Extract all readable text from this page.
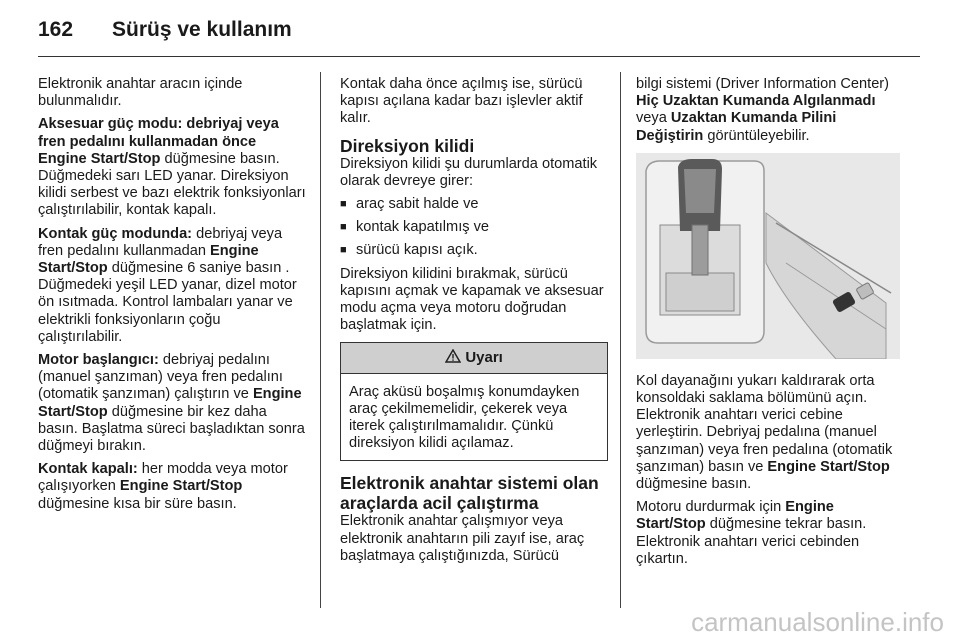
162 Sürüş ve kullanım

Elektronik anahtar aracın içinde bulunmalıdır.

Aksesuar güç modu: debriyaj veya fren pedalını kullanmadan önce Engine Start/Stop düğmesine basın. Düğmedeki sarı LED yanar. Direksiyon kilidi serbest ve bazı elektrik fonksiyonları çalıştırılabilir, kontak kapalı.

Kontak güç modunda: debriyaj veya fren pedalını kullanmadan Engine Start/Stop düğmesine 6 saniye basın . Düğmedeki yeşil LED yanar, dizel motor ön ısıtmada. Kontrol lambaları yanar ve elektrikli fonksiyonların çoğu çalıştırılabilir.

Motor başlangıcı: debriyaj pedalını (manuel şanzıman) veya fren pedalını (otomatik şanzıman) çalıştırın ve Engine Start/Stop düğmesine bir kez daha basın. Başlatma süreci başladıktan sonra düğmeyi bırakın.

Kontak kapalı: her modda veya motor çalışıyorken Engine Start/Stop düğmesine kısa bir süre basın.

Kontak daha önce açılmış ise, sürücü kapısı açılana kadar bazı işlevler aktif kalır.

Direksiyon kilidi

Direksiyon kilidi şu durumlarda otomatik olarak devreye girer:

■ araç sabit halde ve
■ kontak kapatılmış ve
■ sürücü kapısı açık.

Direksiyon kilidini bırakmak, sürücü kapısını açmak ve kapamak ve aksesuar modu açma veya motoru doğrudan başlatmak için.

Uyarı
Araç aküsü boşalmış konumdayken araç çekilmemelidir, çekerek veya iterek çalıştırılmamalıdır. Çünkü direksiyon kilidi açılamaz.
Elektronik anahtar sistemi olan araçlarda acil çalıştırma

Elektronik anahtar çalışmıyor veya elektronik anahtarın pili zayıf ise, araç başlatmaya çalıştığınızda, Sürücü

bilgi sistemi (Driver Information Center) Hiç Uzaktan Kumanda Algılanmadı veya Uzaktan Kumanda Pilini Değiştirin görüntüleyebilir.

Kol dayanağını yukarı kaldırarak orta konsoldaki saklama bölümünü açın. Elektronik anahtarı verici cebine yerleştirin. Debriyaj pedalına (manuel şanzıman) veya fren pedalına (otomatik şanzıman) basın ve Engine Start/Stop düğmesine basın.

Motoru durdurmak için Engine Start/Stop düğmesine tekrar basın. Elektronik anahtarı verici cebinden çıkartın.

carmanualsonline.info
